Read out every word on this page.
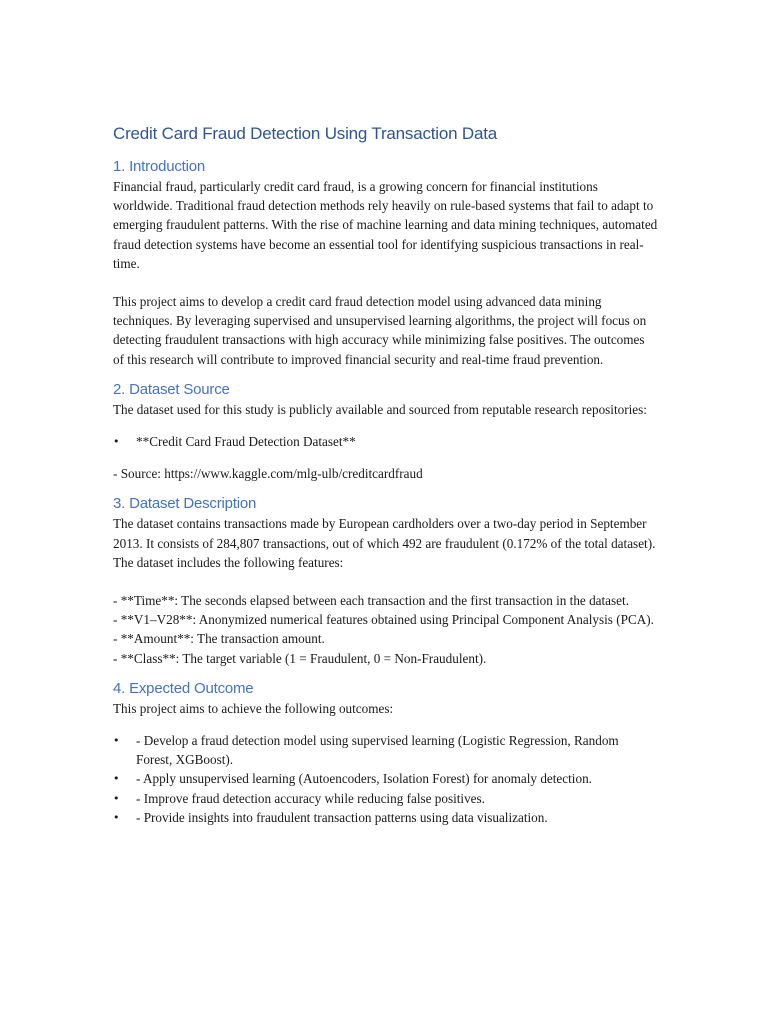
Credit Card Fraud Detection Using Transaction Data
1. Introduction

Financial fraud, particularly credit card fraud, is a growing concern for financial institutions worldwide. Traditional fraud detection methods rely heavily on rule-based systems that fail to adapt to emerging fraudulent patterns. With the rise of machine learning and data mining techniques, automated fraud detection systems have become an essential tool for identifying suspicious transactions in real-time.

This project aims to develop a credit card fraud detection model using advanced data mining techniques. By leveraging supervised and unsupervised learning algorithms, the project will focus on detecting fraudulent transactions with high accuracy while minimizing false positives. The outcomes of this research will contribute to improved financial security and real-time fraud prevention.

2. Dataset Source

The dataset used for this study is publicly available and sourced from reputable research repositories:

• **Credit Card Fraud Detection Dataset**

- Source: https://www.kaggle.com/mlg-ulb/creditcardfraud

3. Dataset Description

The dataset contains transactions made by European cardholders over a two-day period in September 2013. It consists of 284,807 transactions, out of which 492 are fraudulent (0.172% of the total dataset). The dataset includes the following features:

- **Time**: The seconds elapsed between each transaction and the first transaction in the dataset.

- **V1–V28**: Anonymized numerical features obtained using Principal Component Analysis (PCA).

- **Amount**: The transaction amount.

- **Class**: The target variable (1 = Fraudulent, 0 = Non-Fraudulent).

4. Expected Outcome

This project aims to achieve the following outcomes:

• - Develop a fraud detection model using supervised learning (Logistic Regression, Random Forest, XGBoost).
• - Apply unsupervised learning (Autoencoders, Isolation Forest) for anomaly detection.
• - Improve fraud detection accuracy while reducing false positives.
• - Provide insights into fraudulent transaction patterns using data visualization.
